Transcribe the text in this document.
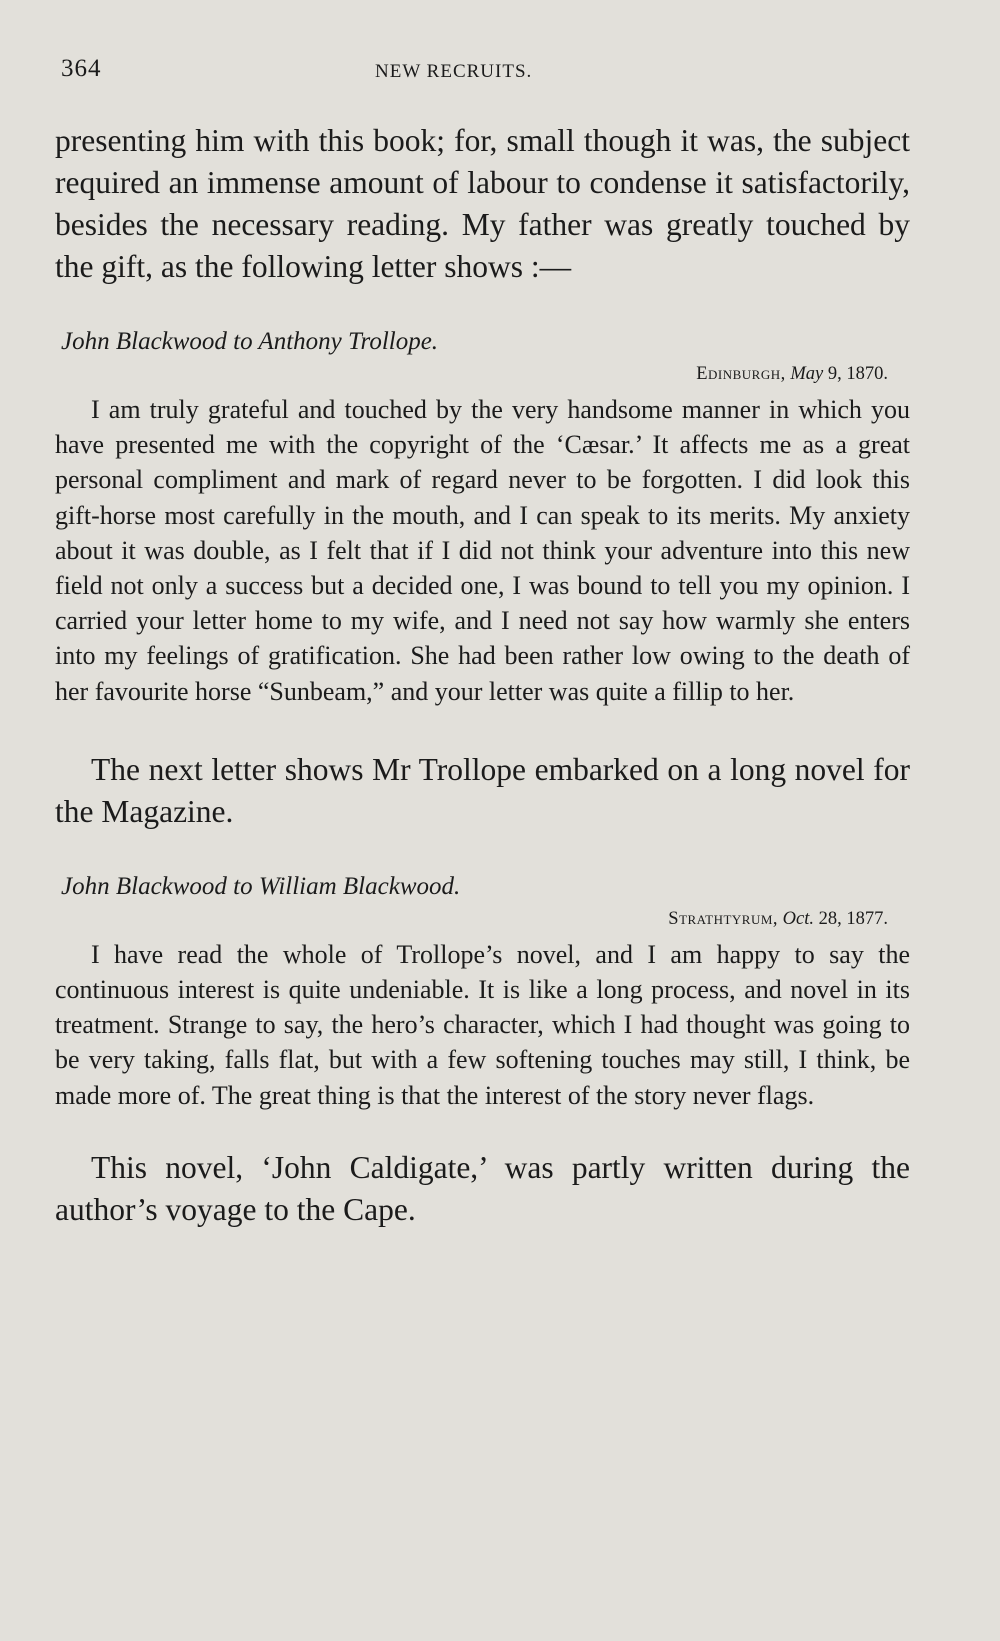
364	NEW RECRUITS.

presenting him with this book; for, small though it was, the subject required an immense amount of labour to condense it satisfactorily, besides the necessary reading. My father was greatly touched by the gift, as the following letter shows :—

John Blackwood to Anthony Trollope.
Edinburgh, May 9, 1870.

I am truly grateful and touched by the very handsome manner in which you have presented me with the copyright of the ‘Cæsar.’ It affects me as a great personal compliment and mark of regard never to be forgotten. I did look this gift-horse most carefully in the mouth, and I can speak to its merits. My anxiety about it was double, as I felt that if I did not think your adventure into this new field not only a success but a decided one, I was bound to tell you my opinion. I carried your letter home to my wife, and I need not say how warmly she enters into my feelings of gratification. She had been rather low owing to the death of her favourite horse “Sunbeam,” and your letter was quite a fillip to her.

The next letter shows Mr Trollope embarked on a long novel for the Magazine.

John Blackwood to William Blackwood.
Strathtyrum, Oct. 28, 1877.

I have read the whole of Trollope’s novel, and I am happy to say the continuous interest is quite undeniable. It is like a long process, and novel in its treatment. Strange to say, the hero’s character, which I had thought was going to be very taking, falls flat, but with a few softening touches may still, I think, be made more of. The great thing is that the interest of the story never flags.

This novel, ‘John Caldigate,’ was partly written during the author’s voyage to the Cape.
